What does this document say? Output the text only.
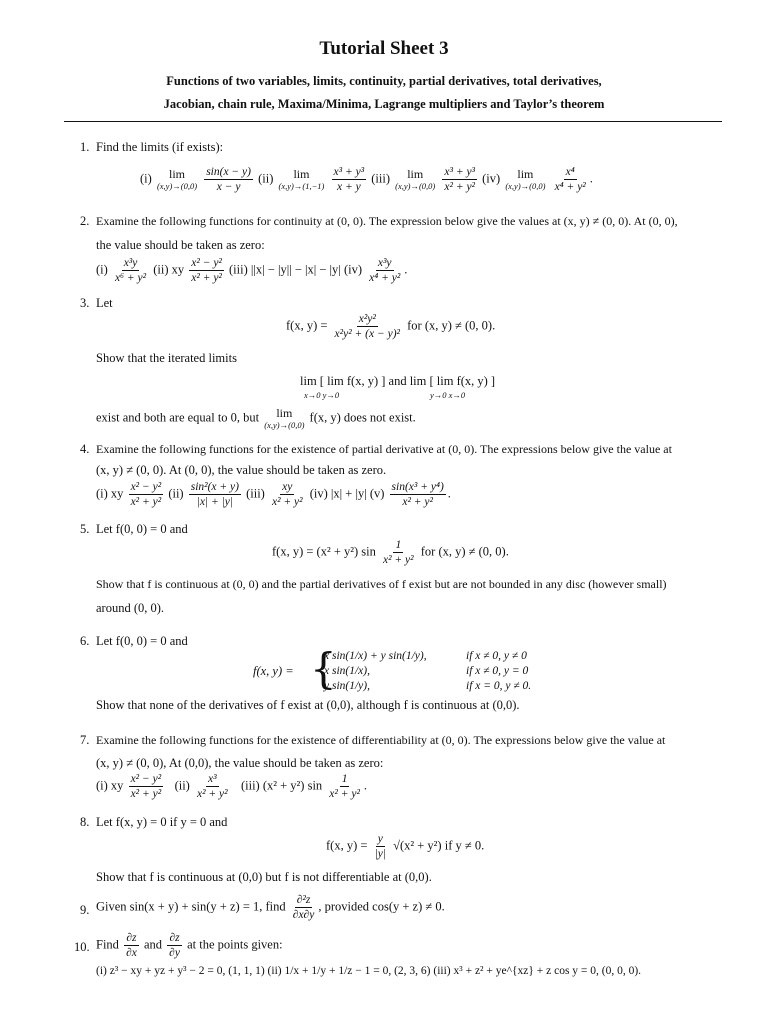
Tutorial Sheet 3
Functions of two variables, limits, continuity, partial derivatives, total derivatives,
Jacobian, chain rule, Maxima/Minima, Lagrange multipliers and Taylor’s theorem
1. Find the limits (if exists):
(i) lim
(x,y)→(0,0)
$\frac{\sin(x - y)}{x - y} (ii)$ lim
(x,y)→(1,−1)
$\frac{\text{x³ + y³}}{x + y} (iii)$ lim
(x,y)→(0,0)
$\frac{\text{x³ + y³}}{\text{x² + y²}} (iv)$ lim
(x,y)→(0,0)
$\frac{\text{x⁴}}{\text{x⁴ + y²}}$ .
2. Examine the following functions for continuity at (0, 0). The expression below give the values at (x, y) ≠ (0, 0). At (0, 0),
the value should be taken as zero:
$(i) \frac{\text{x³y}}{\text{x⁶ + y²}} (ii)$ xy $\frac{\text{x² − y²}}{\text{x² + y²}} (iii) ||x| - |y|| - |x| - |y|$ $(iv) \frac{\text{x³y}}{\text{x⁴ + y²}}$ .
3. Let
f(x, $y) = \frac{\text{x²y²}}{\text{x²y² + (x − y)²}}$ for (x, y) ≠ (0, 0).
Show that the iterated limits
lim [ lim f(x, y) ] and lim [ lim f(x, y) ]
x→0 y→0	y→0 x→0
exist and both are equal to 0, but lim
(x,y)→(0,0)
f(x, y) does not exist.
4. Examine the following functions for the existence of partial derivative at (0, 0). The expressions below give the value at
(x, y) ≠ (0, 0). At (0, 0), the value should be taken as zero.
(i) xy $\frac{\text{x² − y²}}{\text{x² + y²}} (ii) \frac{\text{sin²(x + y)}}{|x| + |y|} (iii) \frac{xy}{\text{x² + y²}} (iv) |x| + |y|$ $(v) \frac{\text{sin(x³ + y⁴)}}{\text{x² + y²}}$ .
5. Let f(0, 0) = 0 and
f(x, y) = (x² + y²) $\sin \frac{1}{\text{x² + y²}}$ for (x, y) ≠ (0, 0).
Show that f is continuous at (0, 0) and the partial derivatives of f exist but are not bounded in any disc (however small)
around (0, 0).
6. Let f(0, 0) = 0 and
f(x, y) = {
x sin(1/x) + y sin(1/y),	if x ≠ 0, y ≠ 0
x sin(1/x),	if x ≠ 0, y = 0
y sin(1/y),	if x = 0, y ≠ 0.
Show that none of the derivatives of f exist at (0,0), although f is continuous at (0,0).
7. Examine the following functions for the existence of differentiability at (0, 0). The expressions below give the value at
(x, y) ≠ (0, 0), At (0,0), the value should be taken as zero:
(i) xy $\frac{\text{x² − y²}}{\text{x² + y²}} (ii) \frac{\text{x³}}{\text{x² + y²}} (iii) (x^2 + y^2)$ $\sin \frac{1}{\text{x² + y²}}$ .
8. Let f(x, y) = 0 if y = 0 and
f(x, $y) = \frac{y}{|y|} √(x^2 + y^2)$ if y ≠ 0.
Show that f is continuous at (0,0) but f is not differentiable at (0,0).
9. Given sin(x + y) + sin(y + z) = 1, find $\frac{\text{∂²z}}{\partial x\partial y}$ , provided cos(y + z) ≠ 0.
10. Find $\frac{\partial z}{\partial x}$ and $\frac{\partial z}{\partial y}$ at the points given:
(i) z³ − xy + yz + y³ − 2 = 0, (1, 1, 1) (ii) 1/x + 1/y + 1/z − 1 = 0, (2, 3, 6) (iii) x³ + z² + ye^{xz} + z cos y = 0, (0, 0, 0).
